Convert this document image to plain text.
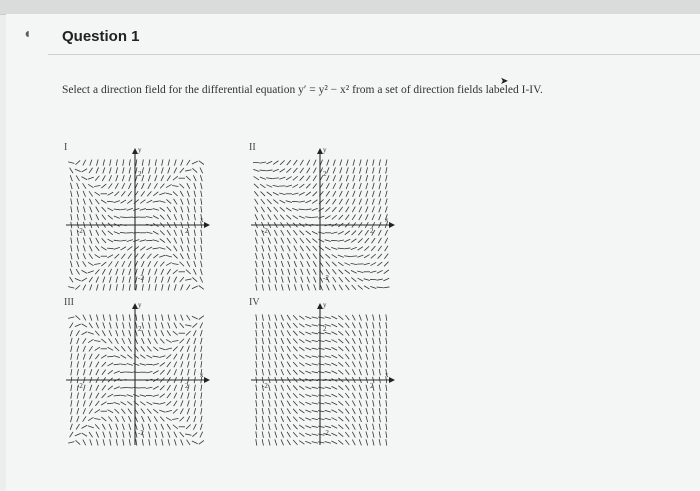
◖	Question 1
Select a direction field for the differential equation y′ = y² − x² from a set of direction fields labeled I-IV.
➤
I	y
x
2
-2
2
-2
II	y
x
2
-2
2
-2
III	y
x
2
-2
2
-2
IV	y
x
2
-2
2
-2
